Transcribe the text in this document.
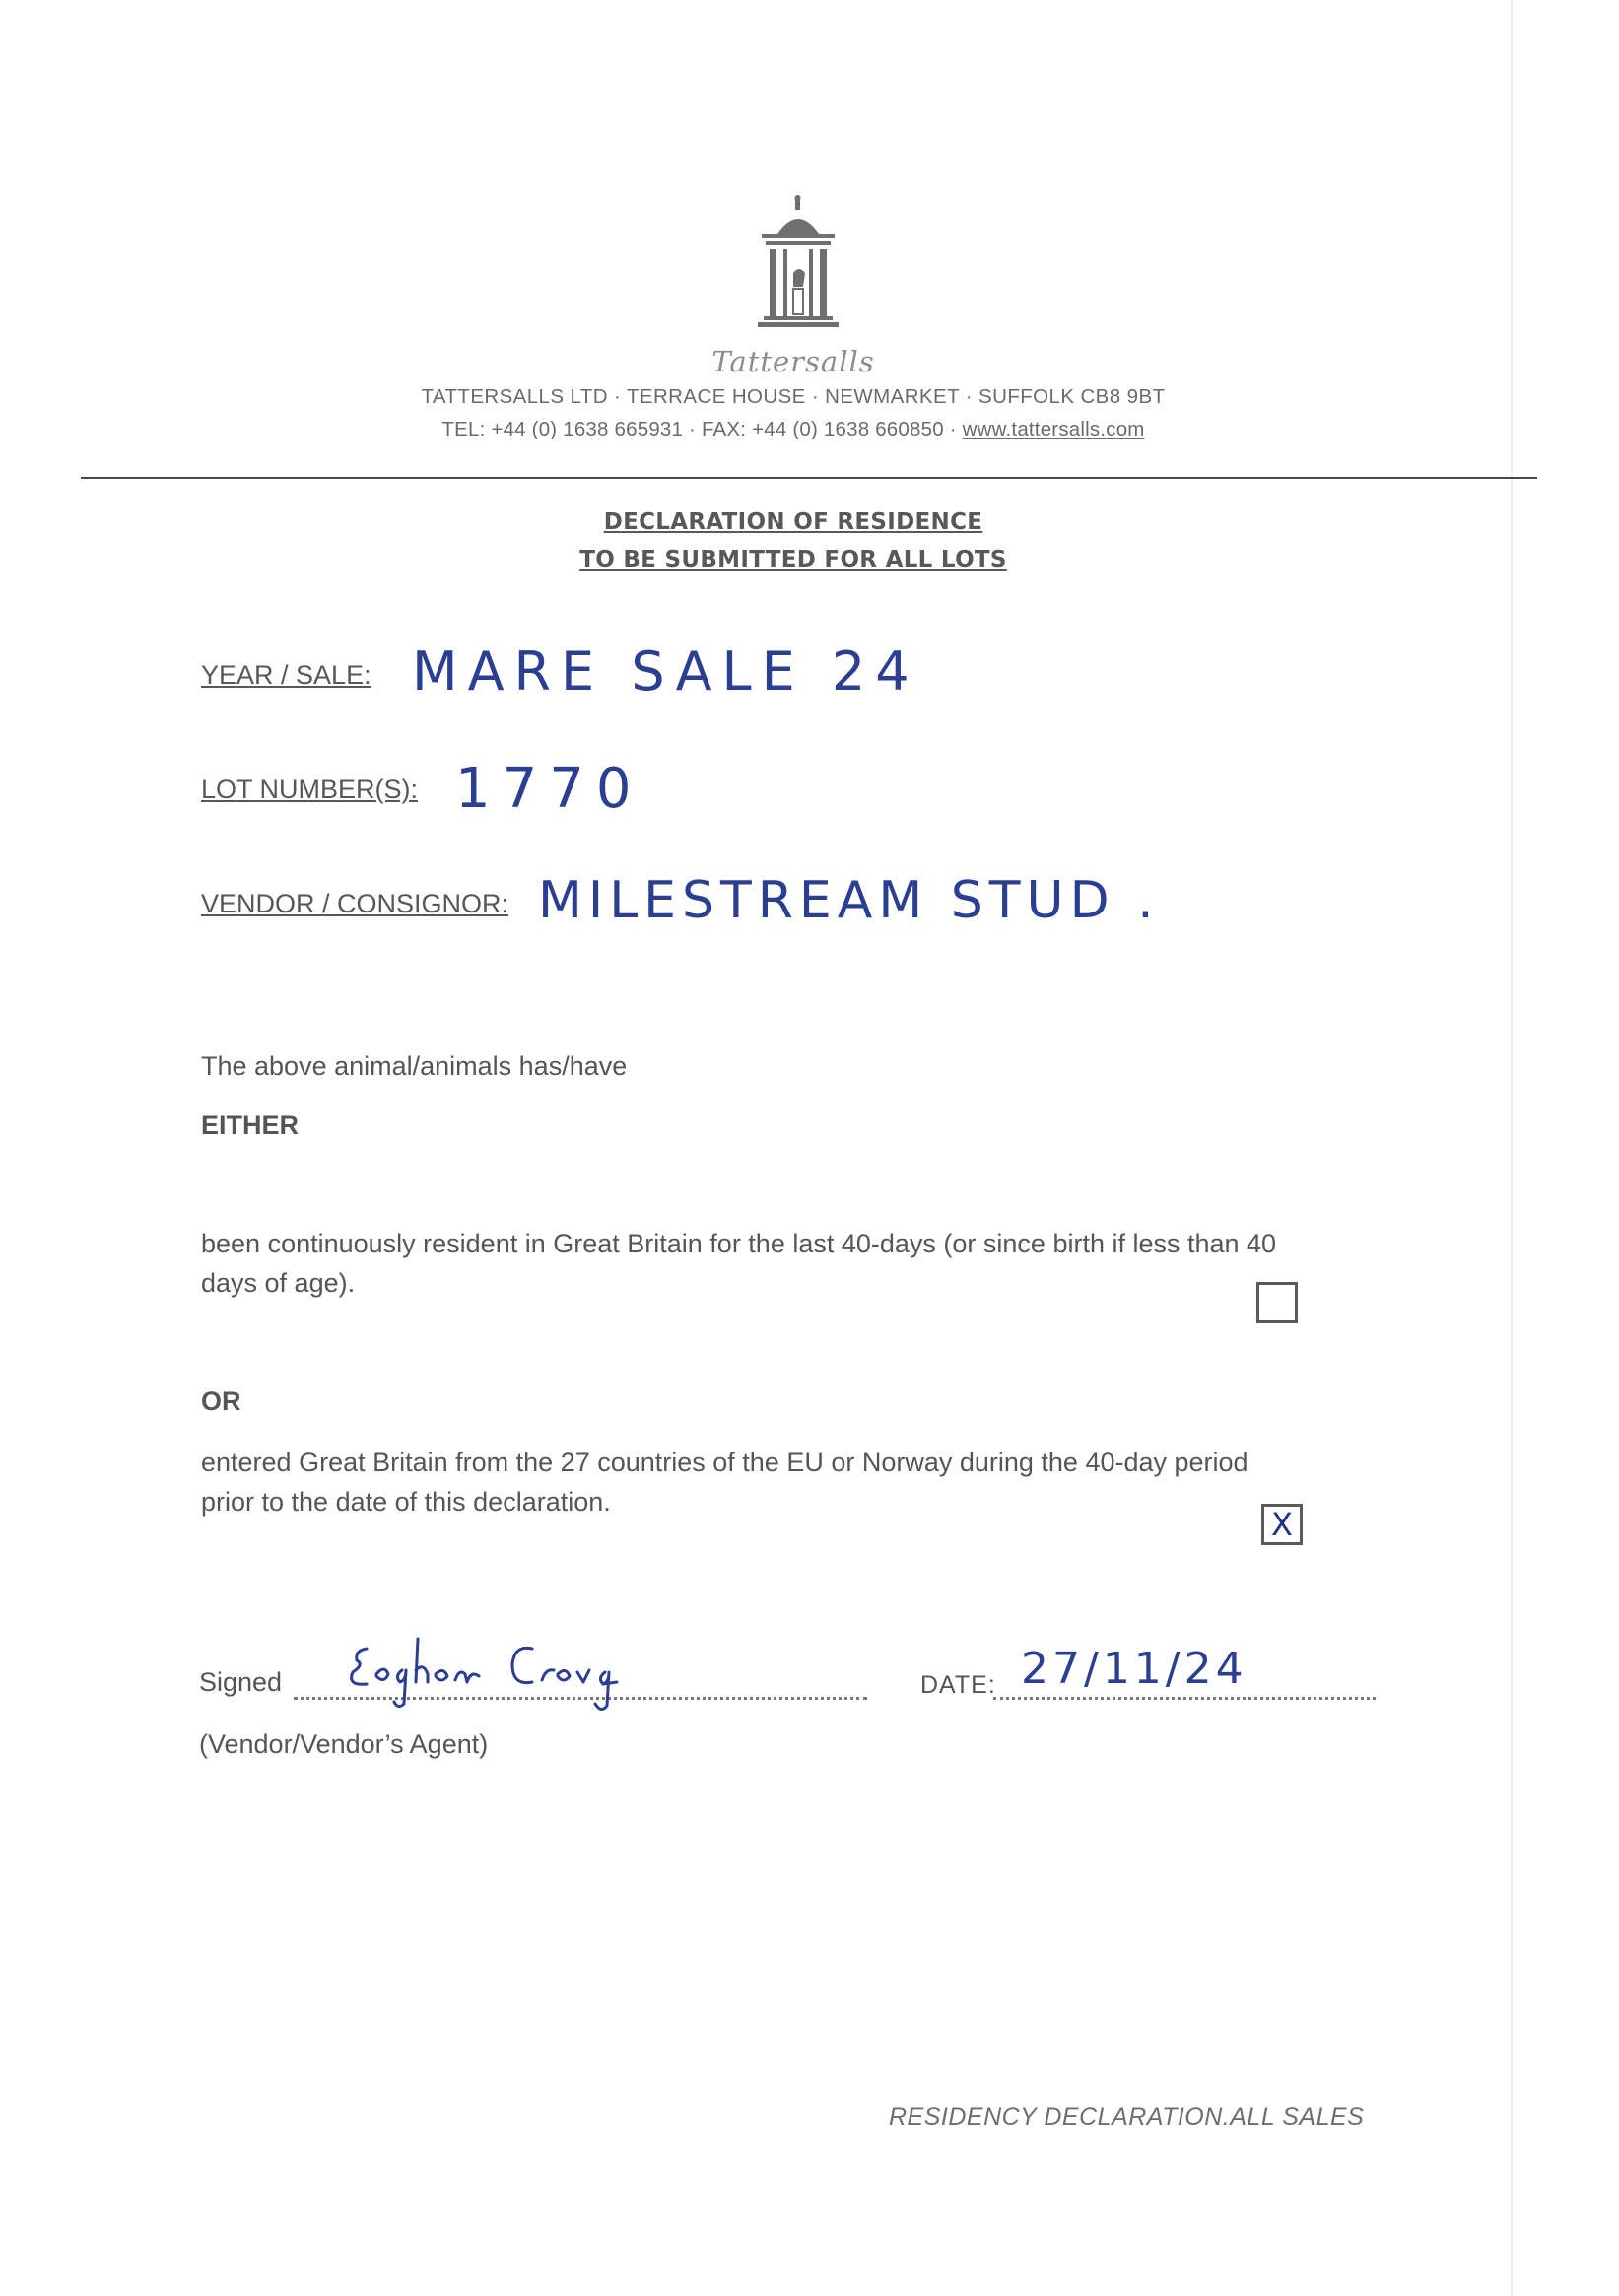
Tattersalls
TATTERSALLS LTD · TERRACE HOUSE · NEWMARKET · SUFFOLK CB8 9BT
TEL: +44 (0) 1638 665931 · FAX: +44 (0) 1638 660850 · www.tattersalls.com
DECLARATION OF RESIDENCE
TO BE SUBMITTED FOR ALL LOTS
YEAR / SALE: MARE SALE 24
LOT NUMBER(S): 1770
VENDOR / CONSIGNOR: MILESTREAM STUD .
The above animal/animals has/have
EITHER
been continuously resident in Great Britain for the last 40-days (or since birth if less than 40
days of age).
OR
entered Great Britain from the 27 countries of the EU or Norway during the 40-day period
prior to the date of this declaration.
X
Signed	DATE: 27/11/24
(Vendor/Vendor’s Agent)
RESIDENCY DECLARATION.ALL SALES
